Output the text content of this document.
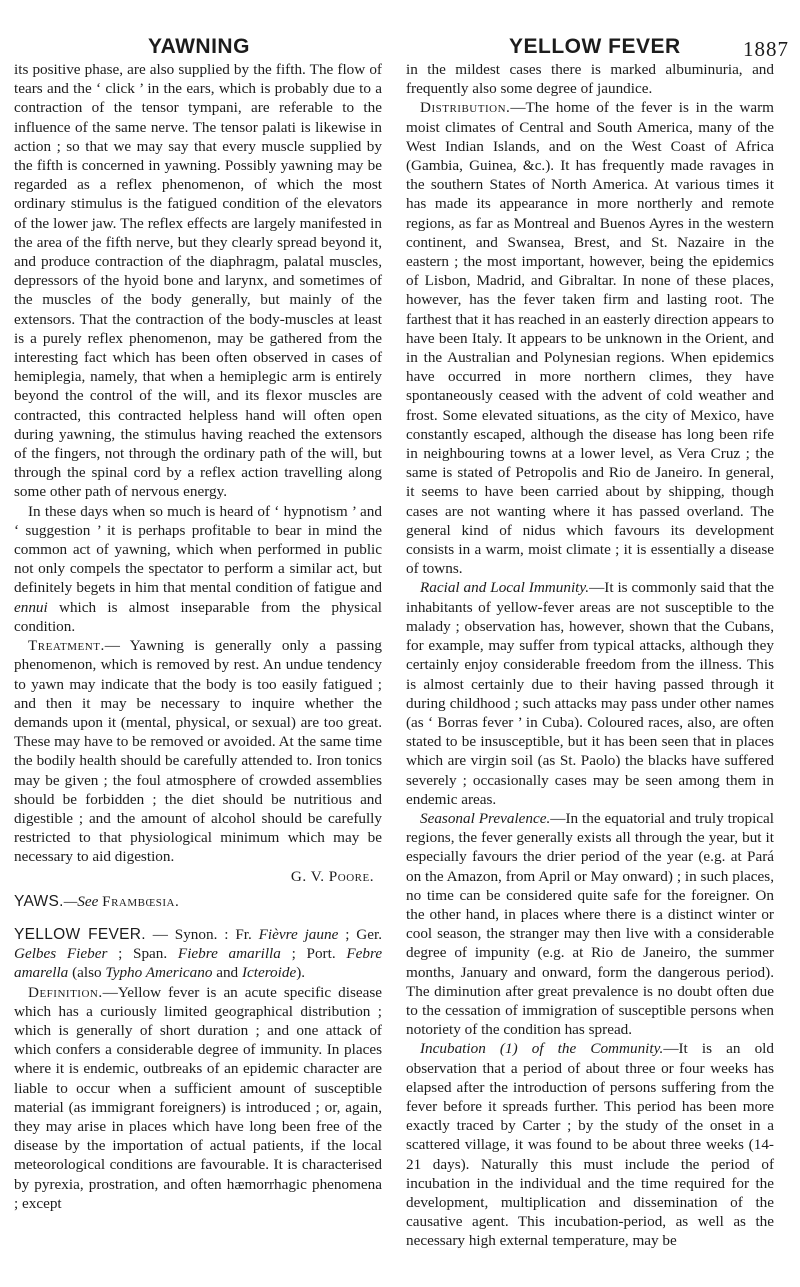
YAWNING	YELLOW FEVER	1887

its positive phase, are also supplied by the fifth. The flow of tears and the ‘ click ’ in the ears, which is probably due to a contraction of the tensor tympani, are referable to the influence of the same nerve. The tensor palati is likewise in action ; so that we may say that every muscle supplied by the fifth is concerned in yawning. Possibly yawning may be regarded as a reflex phenomenon, of which the most ordinary stimulus is the fatigued condition of the elevators of the lower jaw. The reflex effects are largely manifested in the area of the fifth nerve, but they clearly spread beyond it, and produce contraction of the diaphragm, palatal muscles, depressors of the hyoid bone and larynx, and sometimes of the muscles of the body generally, but mainly of the extensors. That the contraction of the body-muscles at least is a purely reflex phenomenon, may be gathered from the interesting fact which has been often observed in cases of hemiplegia, namely, that when a hemiplegic arm is entirely beyond the control of the will, and its flexor muscles are contracted, this contracted helpless hand will often open during yawning, the stimulus having reached the extensors of the fingers, not through the ordinary path of the will, but through the spinal cord by a reflex action travelling along some other path of nervous energy.

In these days when so much is heard of ‘ hypnotism ’ and ‘ suggestion ’ it is perhaps profitable to bear in mind the common act of yawning, which when performed in public not only compels the spectator to perform a similar act, but definitely begets in him that mental condition of fatigue and ennui which is almost inseparable from the physical condition.

Treatment.— Yawning is generally only a passing phenomenon, which is removed by rest. An undue tendency to yawn may indicate that the body is too easily fatigued ; and then it may be necessary to inquire whether the demands upon it (mental, physical, or sexual) are too great. These may have to be removed or avoided. At the same time the bodily health should be carefully attended to. Iron tonics may be given ; the foul atmosphere of crowded assemblies should be forbidden ; the diet should be nutritious and digestible ; and the amount of alcohol should be carefully restricted to that physiological minimum which may be necessary to aid digestion.

G. V. Poore.

YAWS.—See Frambœsia.

YELLOW FEVER. — Synon. : Fr. Fièvre jaune ; Ger. Gelbes Fieber ; Span. Fiebre amarilla ; Port. Febre amarella (also Typho Americano and Icteroide).

Definition.—Yellow fever is an acute specific disease which has a curiously limited geographical distribution ; which is generally of short duration ; and one attack of which confers a considerable degree of immunity. In places where it is endemic, outbreaks of an epidemic character are liable to occur when a sufficient amount of susceptible material (as immigrant foreigners) is introduced ; or, again, they may arise in places which have long been free of the disease by the importation of actual patients, if the local meteorological conditions are favourable. It is characterised by pyrexia, prostration, and often hæmorrhagic phenomena ; except

in the mildest cases there is marked albuminuria, and frequently also some degree of jaundice.

Distribution.—The home of the fever is in the warm moist climates of Central and South America, many of the West Indian Islands, and on the West Coast of Africa (Gambia, Guinea, &c.). It has frequently made ravages in the southern States of North America. At various times it has made its appearance in more northerly and remote regions, as far as Montreal and Buenos Ayres in the western continent, and Swansea, Brest, and St. Nazaire in the eastern ; the most important, however, being the epidemics of Lisbon, Madrid, and Gibraltar. In none of these places, however, has the fever taken firm and lasting root. The farthest that it has reached in an easterly direction appears to have been Italy. It appears to be unknown in the Orient, and in the Australian and Polynesian regions. When epidemics have occurred in more northern climes, they have spontaneously ceased with the advent of cold weather and frost. Some elevated situations, as the city of Mexico, have constantly escaped, although the disease has long been rife in neighbouring towns at a lower level, as Vera Cruz ; the same is stated of Petropolis and Rio de Janeiro. In general, it seems to have been carried about by shipping, though cases are not wanting where it has passed overland. The general kind of nidus which favours its development consists in a warm, moist climate ; it is essentially a disease of towns.

Racial and Local Immunity.—It is commonly said that the inhabitants of yellow-fever areas are not susceptible to the malady ; observation has, however, shown that the Cubans, for example, may suffer from typical attacks, although they certainly enjoy considerable freedom from the illness. This is almost certainly due to their having passed through it during childhood ; such attacks may pass under other names (as ‘ Borras fever ’ in Cuba). Coloured races, also, are often stated to be insusceptible, but it has been seen that in places which are virgin soil (as St. Paolo) the blacks have suffered severely ; occasionally cases may be seen among them in endemic areas.

Seasonal Prevalence.—In the equatorial and truly tropical regions, the fever generally exists all through the year, but it especially favours the drier period of the year (e.g. at Pará on the Amazon, from April or May onward) ; in such places, no time can be considered quite safe for the foreigner. On the other hand, in places where there is a distinct winter or cool season, the stranger may then live with a considerable degree of impunity (e.g. at Rio de Janeiro, the summer months, January and onward, form the dangerous period). The diminution after great prevalence is no doubt often due to the cessation of immigration of susceptible persons when notoriety of the condition has spread.

Incubation (1) of the Community.—It is an old observation that a period of about three or four weeks has elapsed after the introduction of persons suffering from the fever before it spreads further. This period has been more exactly traced by Carter ; by the study of the onset in a scattered village, it was found to be about three weeks (14-21 days). Naturally this must include the period of incubation in the individual and the time required for the development, multiplication and dissemination of the causative agent. This incubation-period, as well as the necessary high external temperature, may be
